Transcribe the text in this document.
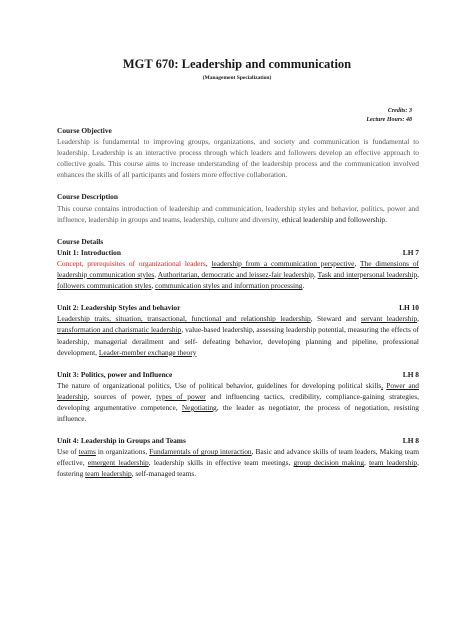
MGT 670: Leadership and communication
(Management Specialization)
Credits: 3
Lecture Hours: 48
Course Objective

Leadership is fundamental to improving groups, organizations, and society and communication is fundamental to leadership. Leadership is an interactive process through which leaders and followers develop an effective approach to collective goals. This course aims to increase understanding of the leadership process and the communication involved enhances the skills of all participants and fosters more effective collaboration.

Course Description

This course contains introduction of leadership and communication, leadership styles and behavior, politics, power and influence, leadership in groups and teams, leadership, culture and diversity, ethical leadership and followership.

Course Details
Unit 1: Introduction	LH 7
Concept, prerequisites of organizational leaders, leadership from a communication perspective, The dimensions of leadership communication styles, Authoritarian, democratic and leissez-fair leadership, Task and interpersonal leadership, followers communication styles, communication styles and information processing.
Unit 2: Leadership Styles and behavior	LH 10
Leadership traits, situation, transactional, functional and relationship leadership, Steward and servant leadership, transformation and charismatic leadership, value-based leadership, assessing leadership potential, measuring the effects of leadership, managerial derailment and self- defeating behavior, developing planning and pipeline, professional development, Leader-member exchange theory
Unit 3: Politics, power and Influence	LH 8
The nature of organizational politics, Use of political behavior, guidelines for developing political skills, Power and leadership, sources of power, types of power and influencing tactics, credibility, compliance-gaining strategies, developing argumentative competence, Negotiating, the leader as negotiator, the process of negotiation, resisting influence.
Unit 4: Leadership in Groups and Teams	LH 8
Use of teams in organizations, Fundamentals of group interaction, Basic and advance skills of team leaders, Making team effective, emergent leadership, leadership skills in effective team meetings, group decision making, team leadership, fostering team leadership, self-managed teams.
